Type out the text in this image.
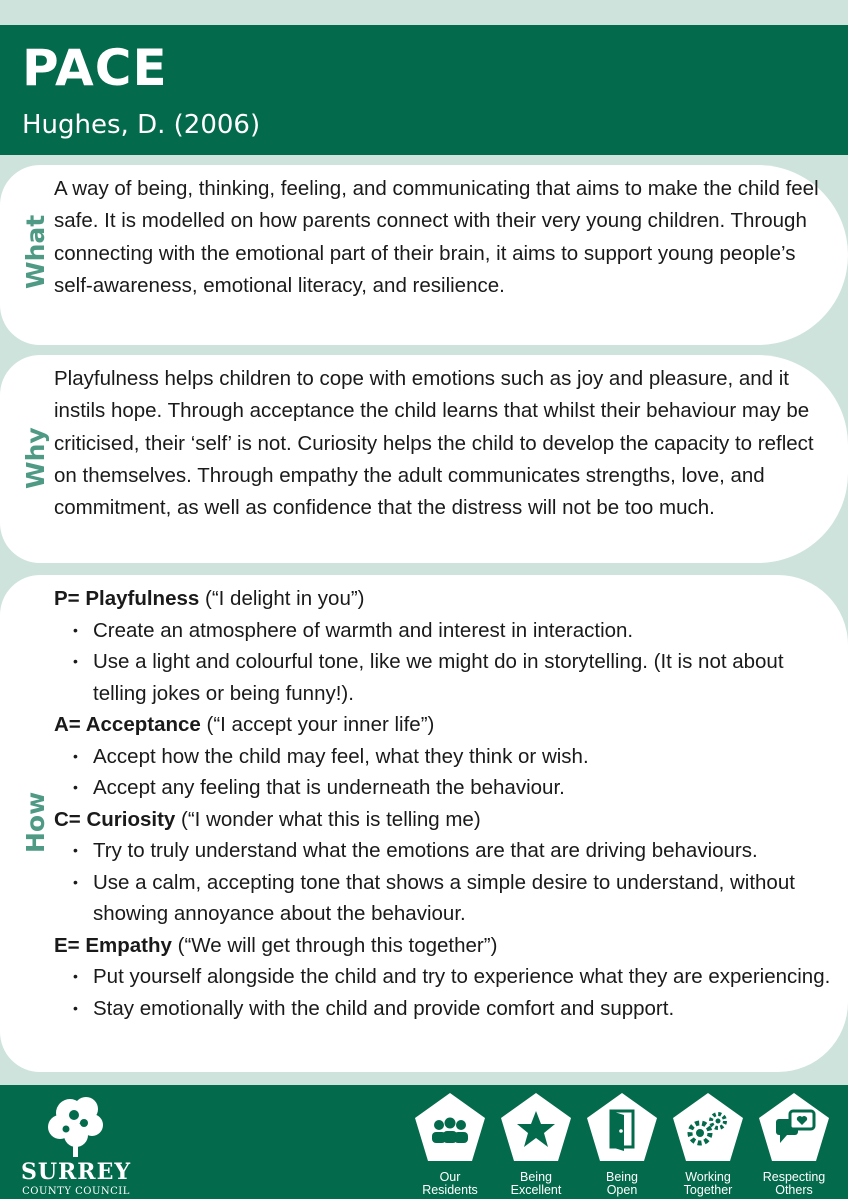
PACE
Hughes, D. (2006)
What
A way of being, thinking, feeling, and communicating that aims to make the child feel safe. It is modelled on how parents connect with their very young children. Through connecting with the emotional part of their brain, it aims to support young people’s self-awareness, emotional literacy, and resilience.
Why
Playfulness helps children to cope with emotions such as joy and pleasure, and it instils hope. Through acceptance the child learns that whilst their behaviour may be criticised, their ‘self’ is not. Curiosity helps the child to develop the capacity to reflect on themselves. Through empathy the adult communicates strengths, love, and commitment, as well as confidence that the distress will not be too much.
How

P= Playfulness (“I delight in you”)

• Create an atmosphere of warmth and interest in interaction.
• Use a light and colourful tone, like we might do in storytelling. (It is not about telling jokes or being funny!).

A= Acceptance (“I accept your inner life”)

• Accept how the child may feel, what they think or wish.
• Accept any feeling that is underneath the behaviour.

C= Curiosity (“I wonder what this is telling me)

• Try to truly understand what the emotions are that are driving behaviours.
• Use a calm, accepting tone that shows a simple desire to understand, without showing annoyance about the behaviour.

E= Empathy (“We will get through this together”)

• Put yourself alongside the child and try to experience what they are experiencing.
• Stay emotionally with the child and provide comfort and support.
SURREY
COUNTY COUNCIL
Our
Residents
Being
Excellent
Being
Open
Working
Together
Respecting
Others
